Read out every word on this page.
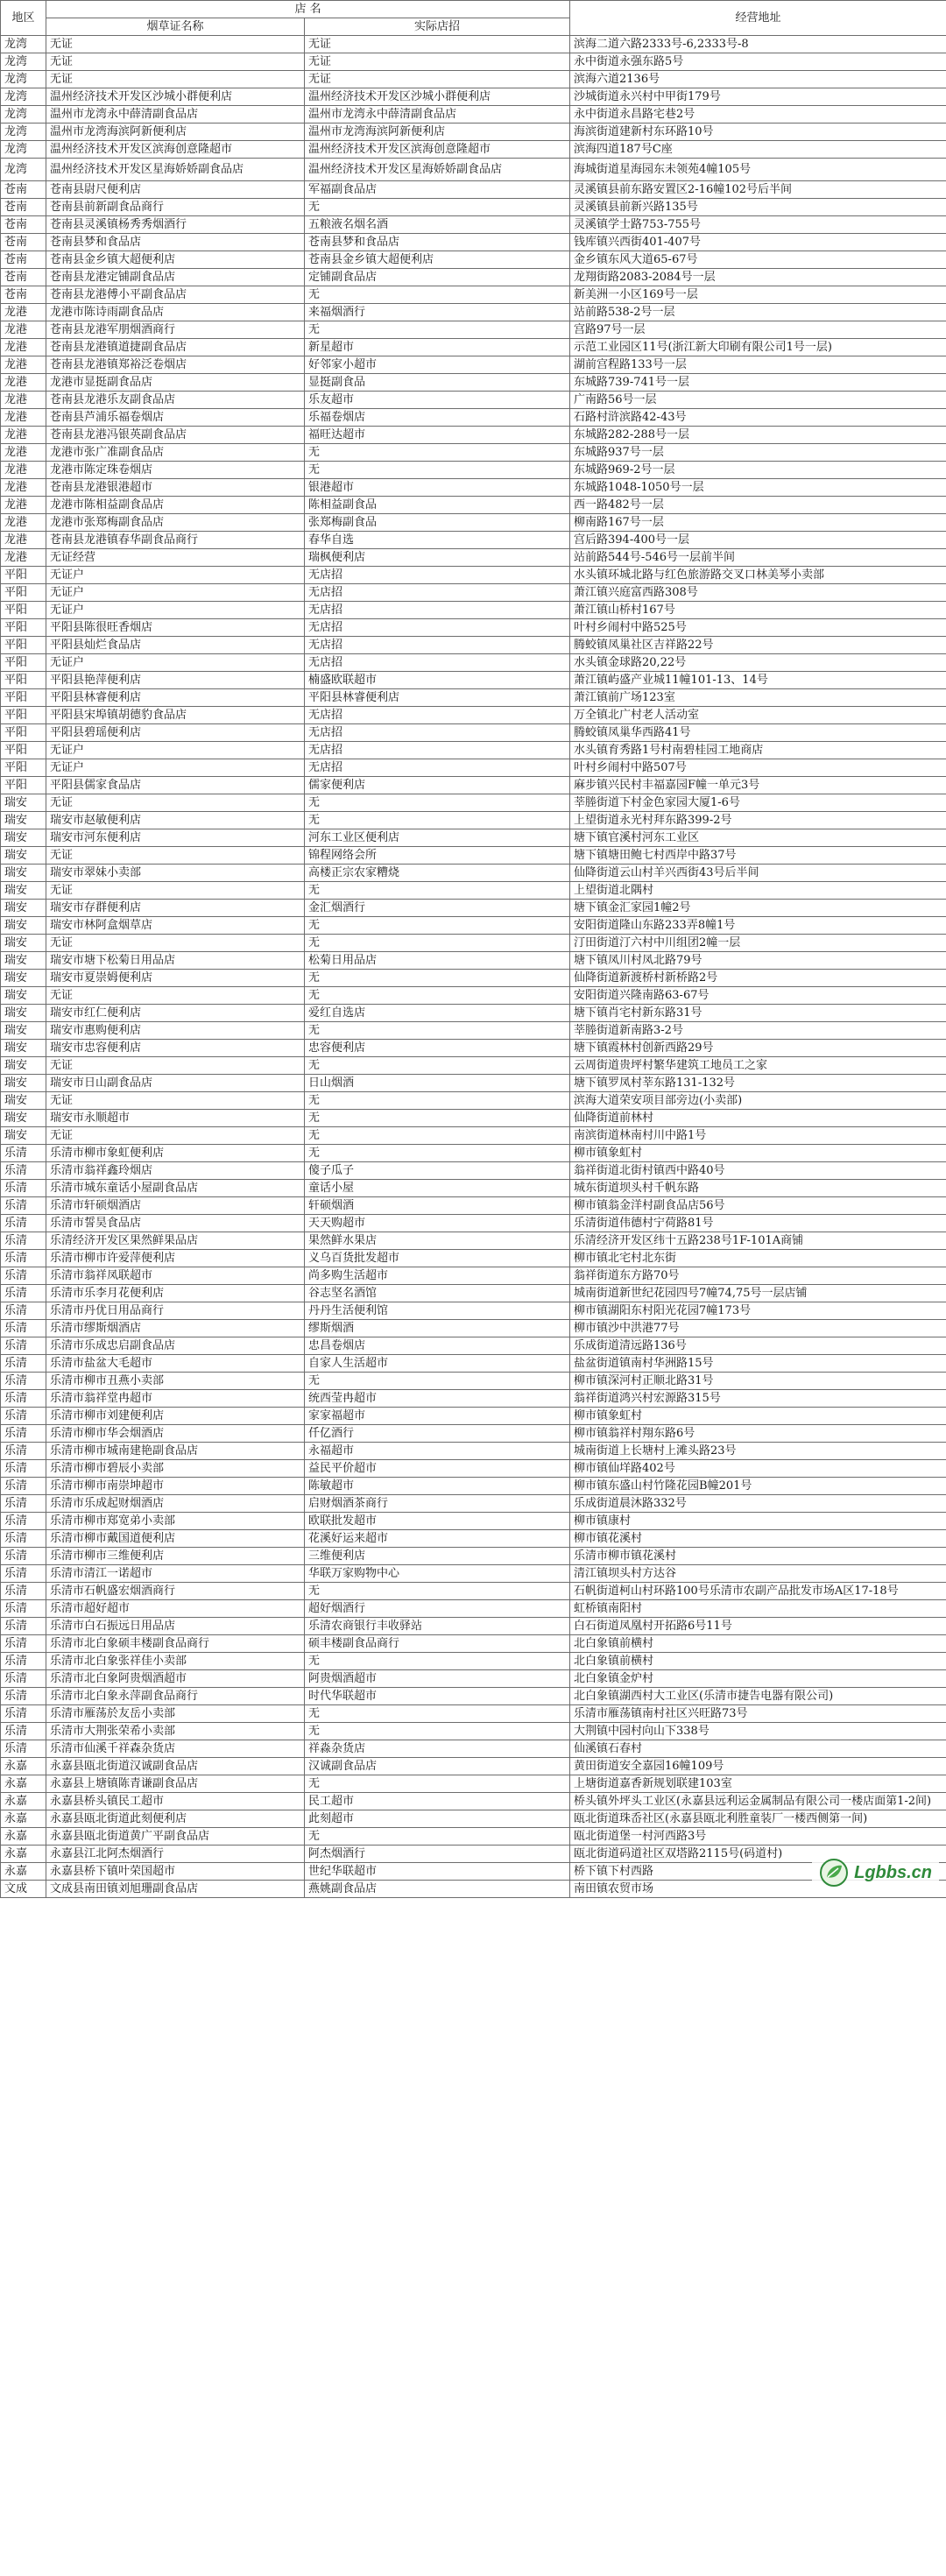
地区	店 名		经营地址
	烟草证名称	实际店招	
龙湾	无证	无证	滨海二道六路2333号-6,2333号-8
龙湾	无证	无证	永中街道永强东路5号
龙湾	无证	无证	滨海六道2136号
龙湾	温州经济技术开发区沙城小群便利店	温州经济技术开发区沙城小群便利店	沙城街道永兴村中甲街179号
龙湾	温州市龙湾永中薛清副食品店	温州市龙湾永中薛清副食品店	永中街道永昌路宅巷2号
龙湾	温州市龙湾海滨阿新便利店	温州市龙湾海滨阿新便利店	海滨街道建新村东环路10号
龙湾	温州经济技术开发区滨海创意隆超市	温州经济技术开发区滨海创意隆超市	滨海四道187号C座
龙湾	温州经济技术开发区星海娇娇副食品店	温州经济技术开发区星海娇娇副食品店	海城街道星海园东未领苑4幢105号
苍南	苍南县尉尺便利店	军福副食品店	灵溪镇县前东路安置区2-16幢102号后半间
苍南	苍南县前新副食品商行	无	灵溪镇县前新兴路135号
苍南	苍南县灵溪镇杨秀秀烟酒行	五粮液名烟名酒	灵溪镇学士路753-755号
苍南	苍南县梦和食品店	苍南县梦和食品店	钱库镇兴西街401-407号
苍南	苍南县金乡镇大超便利店	苍南县金乡镇大超便利店	金乡镇东风大道65-67号
苍南	苍南县龙港定铺副食品店	定铺副食品店	龙翔街路2083-2084号一层
苍南	苍南县龙港傅小平副食品店	无	新美洲一小区169号一层
龙港	龙港市陈诗雨副食品店	来福烟酒行	站前路538-2号一层
龙港	苍南县龙港军朋烟酒商行	无	宫路97号一层
龙港	苍南县龙港镇道捷副食品店	新星超市	示范工业园区11号(浙江新大印刷有限公司1号一层)
龙港	苍南县龙港镇郑裕泛卷烟店	好邻家小超市	湖前宫程路133号一层
龙港	龙港市显挺副食品店	显挺副食品	东城路739-741号一层
龙港	苍南县龙港乐友副食品店	乐友超市	广南路56号一层
龙港	苍南县芦浦乐福卷烟店	乐福卷烟店	石路村浒滨路42-43号
龙港	苍南县龙港冯银英副食品店	福旺达超市	东城路282-288号一层
龙港	龙港市张广准副食品店	无	东城路937号一层
龙港	龙港市陈定珠卷烟店	无	东城路969-2号一层
龙港	苍南县龙港银港超市	银港超市	东城路1048-1050号一层
龙港	龙港市陈相益副食品店	陈相益副食品	西一路482号一层
龙港	龙港市张郑梅副食品店	张郑梅副食品	柳南路167号一层
龙港	苍南县龙港镇春华副食品商行	春华自选	宫后路394-400号一层
龙港	无证经营	瑞枫便利店	站前路544号-546号一层前半间
平阳	无证户	无店招	水头镇环城北路与红色旅游路交叉口林美琴小卖部
平阳	无证户	无店招	萧江镇兴庭富西路308号
平阳	无证户	无店招	萧江镇山桥村167号
平阳	平阳县陈很旺香烟店	无店招	叶村乡闹村中路525号
平阳	平阳县灿烂食品店	无店招	腾蛟镇凤巢社区吉祥路22号
平阳	无证户	无店招	水头镇金球路20,22号
平阳	平阳县艳萍便利店	楠盛欧联超市	萧江镇屿盛产业城11幢101-13、14号
平阳	平阳县林睿便利店	平阳县林睿便利店	萧江镇前广场123室
平阳	平阳县宋埠镇胡德豹食品店	无店招	万全镇北广村老人活动室
平阳	平阳县碧瑶便利店	无店招	腾蛟镇凤巢华西路41号
平阳	无证户	无店招	水头镇育秀路1号村南碧桂园工地商店
平阳	无证户	无店招	叶村乡闹村中路507号
平阳	平阳县儒家食品店	儒家便利店	麻步镇兴民村丰福嘉园F幢一单元3号
瑞安	无证	无	莘塍街道下村金色家园大厦1-6号
瑞安	瑞安市赵敏便利店	无	上望街道永光村拜东路399-2号
瑞安	瑞安市河东便利店	河东工业区便利店	塘下镇官溪村河东工业区
瑞安	无证	锦程网络会所	塘下镇塘田鲍七村西岸中路37号
瑞安	瑞安市翠妹小卖部	高楼正宗农家糟烧	仙降街道云山村羊兴西街43号后半间
瑞安	无证	无	上望街道北隅村
瑞安	瑞安市存群便利店	金汇烟酒行	塘下镇金汇家园1幢2号
瑞安	瑞安市林阿盒烟草店	无	安阳街道隆山东路233弄8幢1号
瑞安	无证	无	汀田街道汀六村中川组团2幢一层
瑞安	瑞安市塘下松菊日用品店	松菊日用品店	塘下镇凤川村凤北路79号
瑞安	瑞安市夏崇姆便利店	无	仙降街道新渡桥村新桥路2号
瑞安	无证	无	安阳街道兴隆南路63-67号
瑞安	瑞安市红仁便利店	爱红自选店	塘下镇肖宅村新东路31号
瑞安	瑞安市惠购便利店	无	莘塍街道新南路3-2号
瑞安	瑞安市忠容便利店	忠容便利店	塘下镇霞林村创新西路29号
瑞安	无证	无	云周街道贵坪村繁华建筑工地员工之家
瑞安	瑞安市日山副食品店	日山烟酒	塘下镇罗凤村莘东路131-132号
瑞安	无证	无	滨海大道荣安项目部旁边(小卖部)
瑞安	瑞安市永顺超市	无	仙降街道前林村
瑞安	无证	无	南滨街道林南村川中路1号
乐清	乐清市柳市象虹便利店	无	柳市镇象虹村
乐清	乐清市翁祥鑫玲烟店	傻子瓜子	翁祥街道北街村镇西中路40号
乐清	乐清市城东童话小屋副食品店	童话小屋	城东街道坝头村千帆东路
乐清	乐清市轩硕烟酒店	轩硕烟酒	柳市镇翁金洋村副食品店56号
乐清	乐清市誓昊食品店	天天购超市	乐清街道伟德村宁荷路81号
乐清	乐清经济开发区果然鲜果品店	果然鲜水果店	乐清经济开发区纬十五路238号1F-101A商铺
乐清	乐清市柳市许爱萍便利店	义乌百货批发超市	柳市镇北宅村北东街
乐清	乐清市翁祥凤联超市	尚多购生活超市	翁祥街道东方路70号
乐清	乐清市乐李月花便利店	谷志坚名酒馆	城南街道新世纪花园四号7幢74,75号一层店铺
乐清	乐清市丹优日用品商行	丹丹生活便利馆	柳市镇湖阳东村阳光花园7幢173号
乐清	乐清市缪斯烟酒店	缪斯烟酒	柳市镇沙中洪港77号
乐清	乐清市乐成忠启副食品店	忠昌卷烟店	乐成街道清远路136号
乐清	乐清市盐盆大毛超市	自家人生活超市	盐盆街道镇南村华洲路15号
乐清	乐清市柳市丑燕小卖部	无	柳市镇深河村正顺北路31号
乐清	乐清市翁祥堂冉超市	统西莹冉超市	翁祥街道鸿兴村宏源路315号
乐清	乐清市柳市刘建便利店	家家福超市	柳市镇象虹村
乐清	乐清市柳市华会烟酒店	仟亿酒行	柳市镇翁祥村翔东路6号
乐清	乐清市柳市城南建艳副食品店	永福超市	城南街道上长塘村上滩头路23号
乐清	乐清市柳市碧辰小卖部	益民平价超市	柳市镇仙垟路402号
乐清	乐清市柳市南崇坤超市	陈敏超市	柳市镇东盛山村竹隆花园B幢201号
乐清	乐清市乐成起财烟酒店	启财烟酒茶商行	乐成街道晨沐路332号
乐清	乐清市柳市郑宽弟小卖部	欧联批发超市	柳市镇康村
乐清	乐清市柳市戴国道便利店	花溪好运来超市	柳市镇花溪村
乐清	乐清市柳市三维便利店	三维便利店	乐清市柳市镇花溪村
乐清	乐清市清江一诺超市	华联万家购物中心	清江镇坝头村方达谷
乐清	乐清市石帆盛宏烟酒商行	无	石帆街道柯山村环路100号乐清市农副产品批发市场A区17-18号
乐清	乐清市超好超市	超好烟酒行	虹桥镇南阳村
乐清	乐清市白石振远日用品店	乐清农商银行丰收驿站	白石街道凤凰村开拓路6号11号
乐清	乐清市北白象硕丰楼副食品商行	硕丰楼副食品商行	北白象镇前横村
乐清	乐清市北白象张祥佳小卖部	无	北白象镇前横村
乐清	乐清市北白象阿贵烟酒超市	阿贵烟酒超市	北白象镇金炉村
乐清	乐清市北白象永萍副食品商行	时代华联超市	北白象镇湖西村大工业区(乐清市捷告电器有限公司)
乐清	乐清市雁荡於友岳小卖部	无	乐清市雁荡镇南村社区兴旺路73号
乐清	乐清市大荆张荣希小卖部	无	大荆镇中园村向山下338号
乐清	乐清市仙溪千祥森杂货店	祥淼杂货店	仙溪镇石春村
永嘉	永嘉县瓯北街道汉诚副食品店	汉诚副食品店	黄田街道安全嘉园16幢109号
永嘉	永嘉县上塘镇陈青谦副食品店	无	上塘街道嘉香新规划联建103室
永嘉	永嘉县桥头镇民工超市	民工超市	桥头镇外坪头工业区(永嘉县远利运金属制品有限公司一楼店面第1-2间)
永嘉	永嘉县瓯北街道此刻便利店	此刻超市	瓯北街道珠岙社区(永嘉县瓯北利胜童装厂一楼西侧第一间)
永嘉	永嘉县瓯北街道黄广平副食品店	无	瓯北街道堡一村河西路3号
永嘉	永嘉县江北阿杰烟酒行	阿杰烟酒行	瓯北街道码道社区双塔路2115号(码道村)
永嘉	永嘉县桥下镇叶荣国超市	世纪华联超市	桥下镇下村西路
文成	文成县南田镇刘旭珊副食品店	燕姚副食品店	南田镇农贸市场
Lgbbs.cn
